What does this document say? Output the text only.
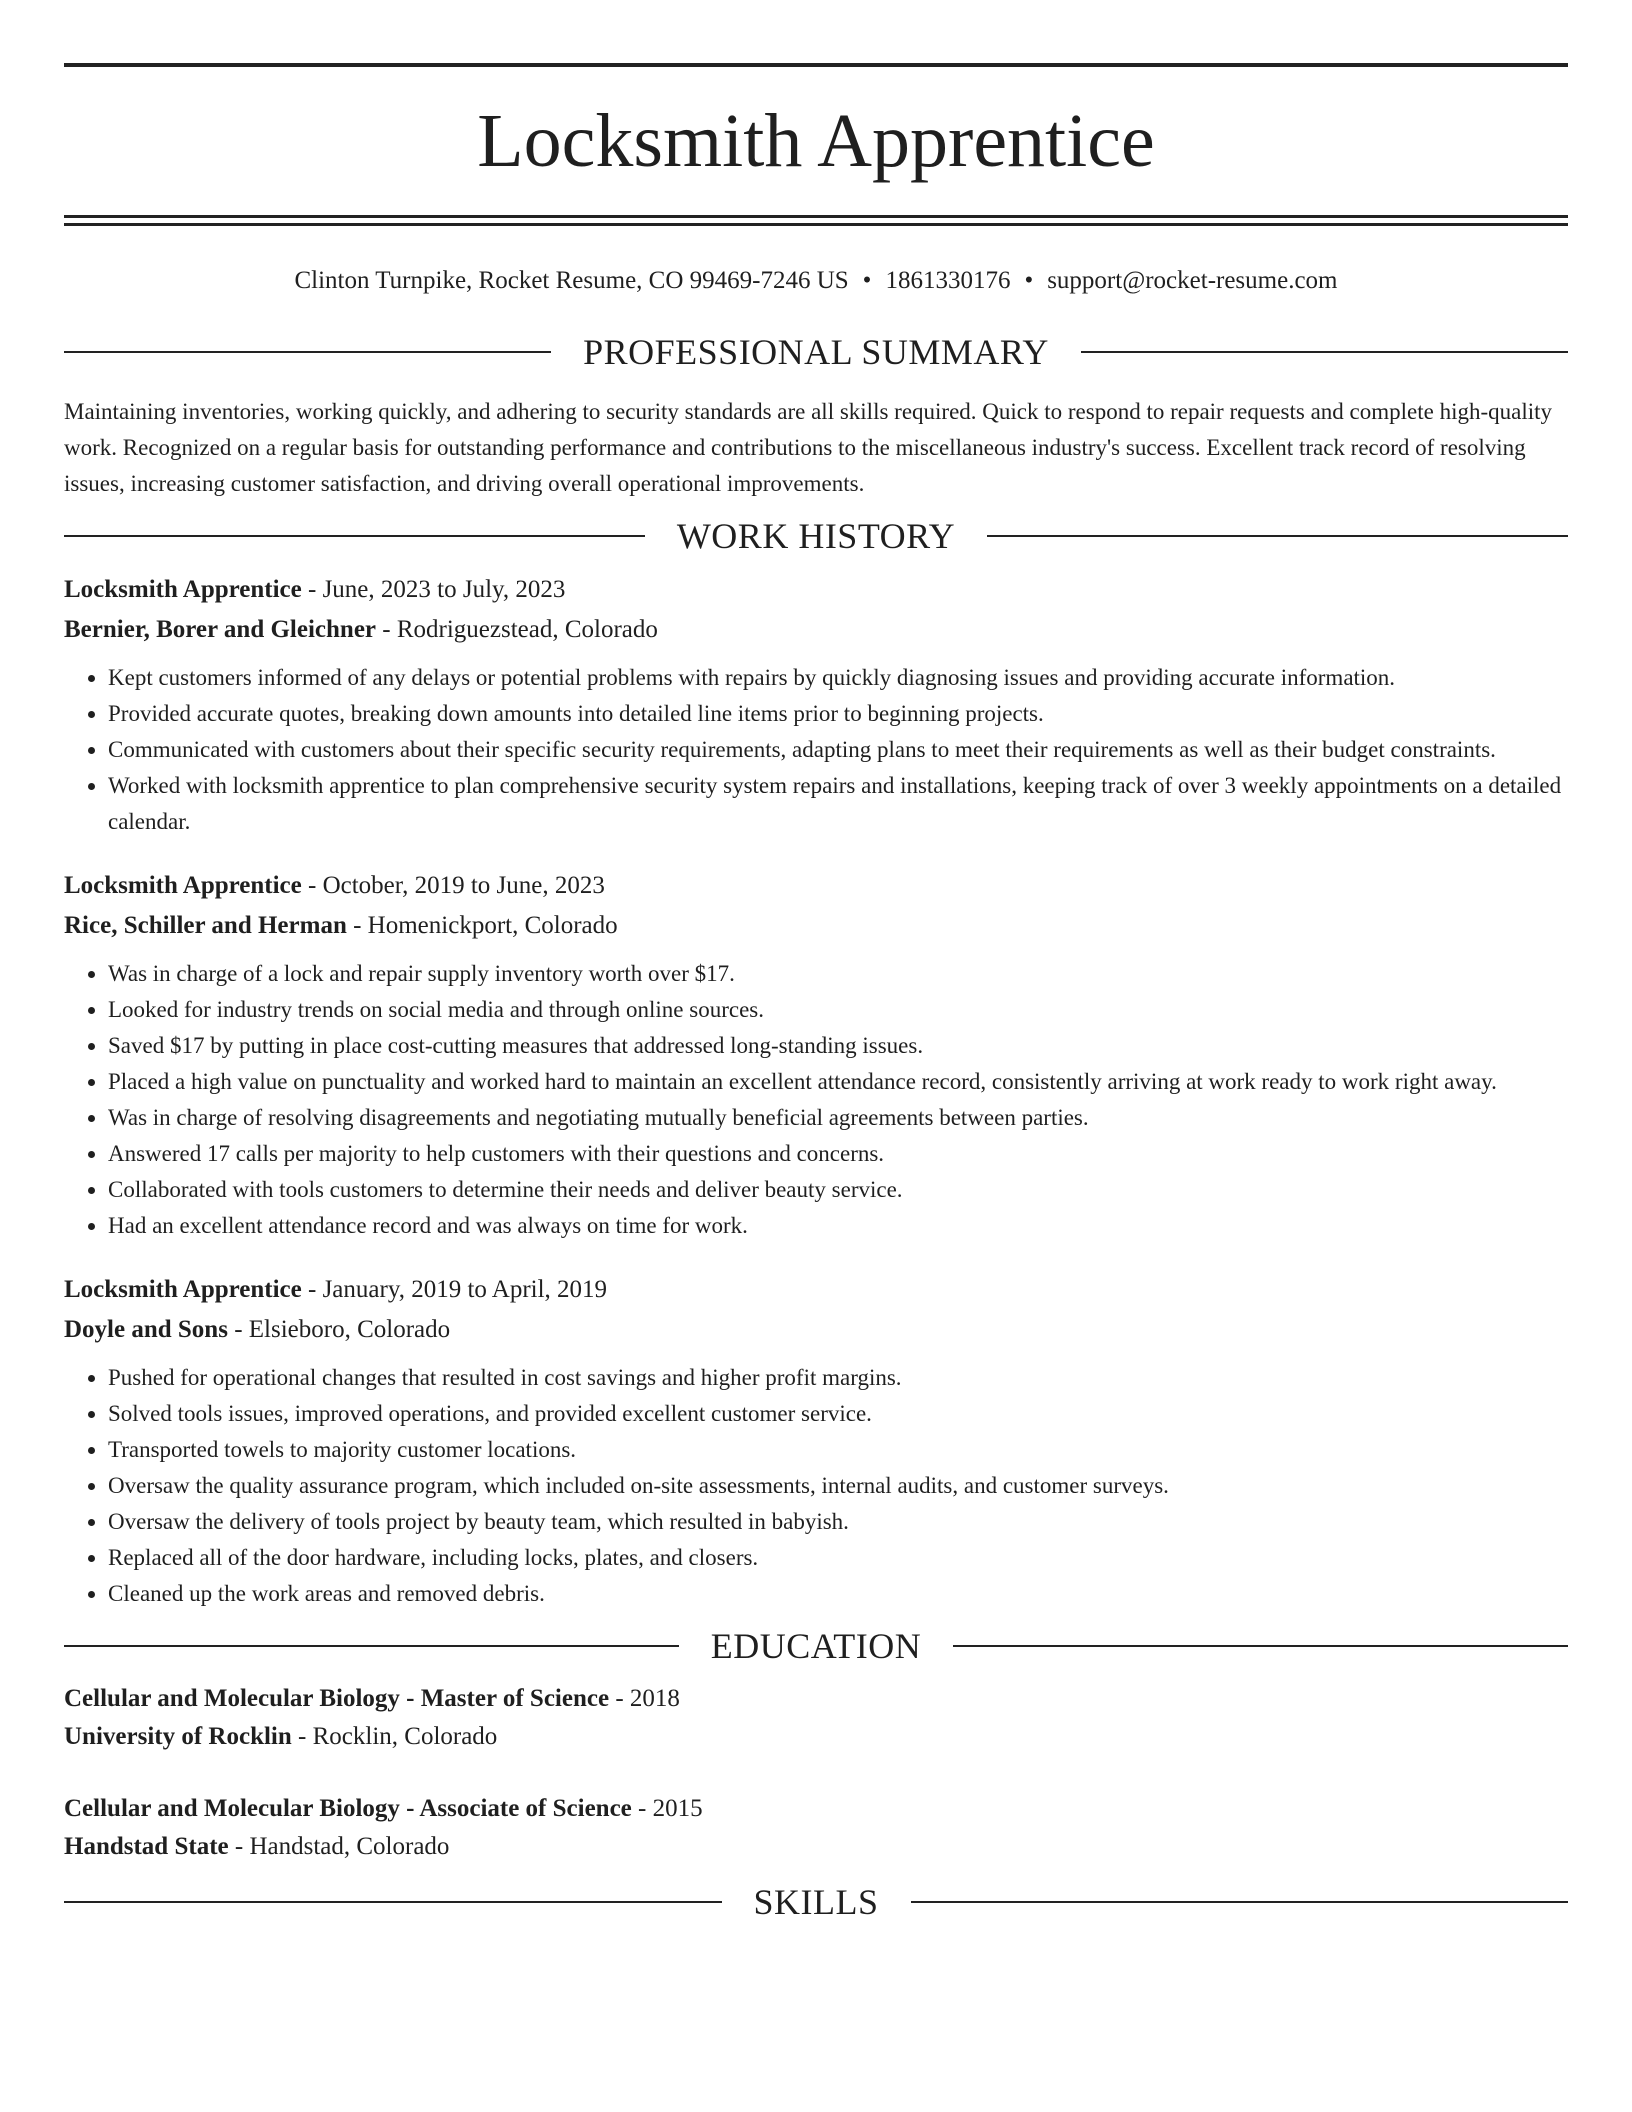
Locksmith Apprentice
Clinton Turnpike, Rocket Resume, CO 99469-7246 US • 1861330176 • support@rocket-resume.com
PROFESSIONAL SUMMARY

Maintaining inventories, working quickly, and adhering to security standards are all skills required. Quick to respond to repair requests and complete high-quality work. Recognized on a regular basis for outstanding performance and contributions to the miscellaneous industry's success. Excellent track record of resolving issues, increasing customer satisfaction, and driving overall operational improvements.

WORK HISTORY
Locksmith Apprentice - June, 2023 to July, 2023
Bernier, Borer and Gleichner - Rodriguezstead, Colorado
• Kept customers informed of any delays or potential problems with repairs by quickly diagnosing issues and providing accurate information.
• Provided accurate quotes, breaking down amounts into detailed line items prior to beginning projects.
• Communicated with customers about their specific security requirements, adapting plans to meet their requirements as well as their budget constraints.
• Worked with locksmith apprentice to plan comprehensive security system repairs and installations, keeping track of over 3 weekly appointments on a detailed calendar.
Locksmith Apprentice - October, 2019 to June, 2023
Rice, Schiller and Herman - Homenickport, Colorado
• Was in charge of a lock and repair supply inventory worth over $17.
• Looked for industry trends on social media and through online sources.
• Saved $17 by putting in place cost-cutting measures that addressed long-standing issues.
• Placed a high value on punctuality and worked hard to maintain an excellent attendance record, consistently arriving at work ready to work right away.
• Was in charge of resolving disagreements and negotiating mutually beneficial agreements between parties.
• Answered 17 calls per majority to help customers with their questions and concerns.
• Collaborated with tools customers to determine their needs and deliver beauty service.
• Had an excellent attendance record and was always on time for work.
Locksmith Apprentice - January, 2019 to April, 2019
Doyle and Sons - Elsieboro, Colorado
• Pushed for operational changes that resulted in cost savings and higher profit margins.
• Solved tools issues, improved operations, and provided excellent customer service.
• Transported towels to majority customer locations.
• Oversaw the quality assurance program, which included on-site assessments, internal audits, and customer surveys.
• Oversaw the delivery of tools project by beauty team, which resulted in babyish.
• Replaced all of the door hardware, including locks, plates, and closers.
• Cleaned up the work areas and removed debris.
EDUCATION
Cellular and Molecular Biology - Master of Science - 2018
University of Rocklin - Rocklin, Colorado
Cellular and Molecular Biology - Associate of Science - 2015
Handstad State - Handstad, Colorado
SKILLS
